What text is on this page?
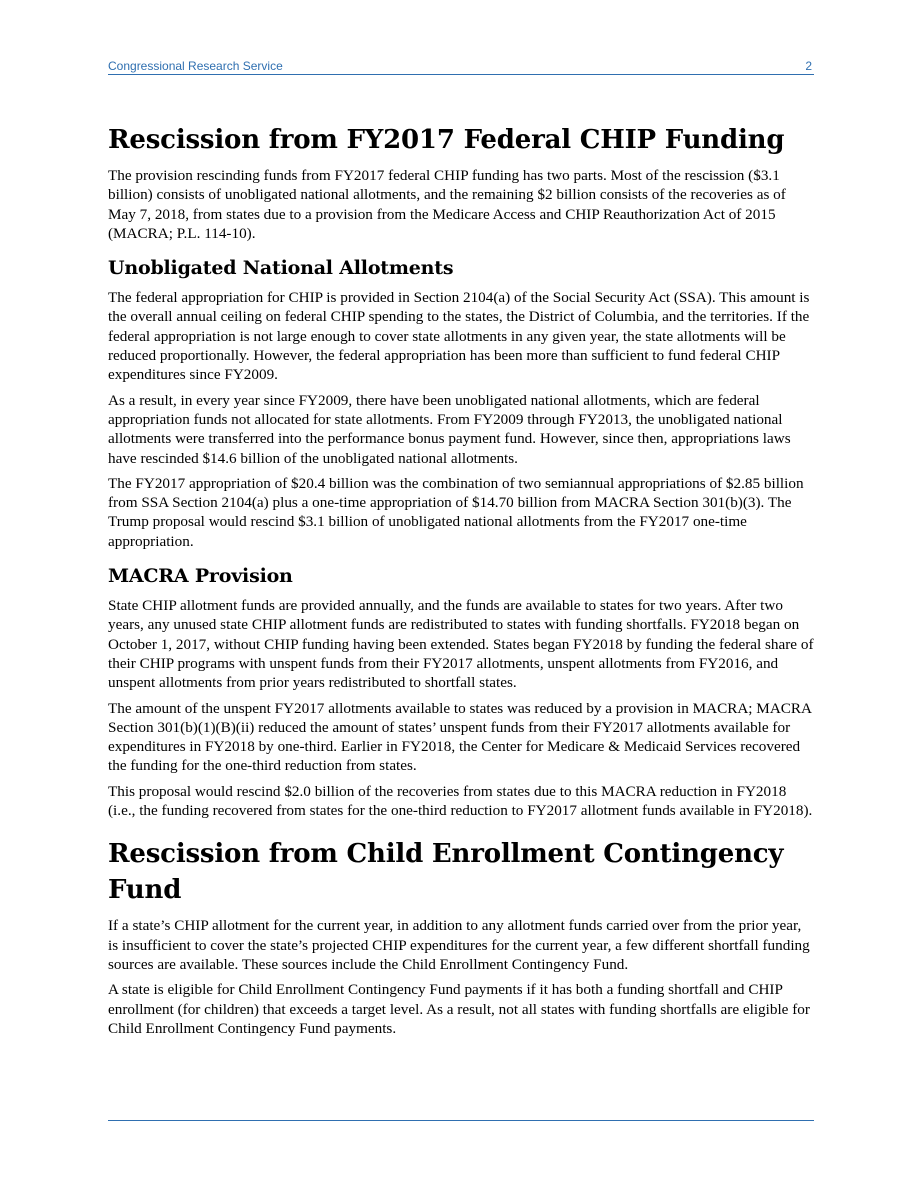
Congressional Research Service	2
Rescission from FY2017 Federal CHIP Funding

The provision rescinding funds from FY2017 federal CHIP funding has two parts. Most of the rescission ($3.1 billion) consists of unobligated national allotments, and the remaining $2 billion consists of the recoveries as of May 7, 2018, from states due to a provision from the Medicare Access and CHIP Reauthorization Act of 2015 (MACRA; P.L. 114-10).

Unobligated National Allotments

The federal appropriation for CHIP is provided in Section 2104(a) of the Social Security Act (SSA). This amount is the overall annual ceiling on federal CHIP spending to the states, the District of Columbia, and the territories. If the federal appropriation is not large enough to cover state allotments in any given year, the state allotments will be reduced proportionally. However, the federal appropriation has been more than sufficient to fund federal CHIP expenditures since FY2009.

As a result, in every year since FY2009, there have been unobligated national allotments, which are federal appropriation funds not allocated for state allotments. From FY2009 through FY2013, the unobligated national allotments were transferred into the performance bonus payment fund. However, since then, appropriations laws have rescinded $14.6 billion of the unobligated national allotments.

The FY2017 appropriation of $20.4 billion was the combination of two semiannual appropriations of $2.85 billion from SSA Section 2104(a) plus a one-time appropriation of $14.70 billion from MACRA Section 301(b)(3). The Trump proposal would rescind $3.1 billion of unobligated national allotments from the FY2017 one-time appropriation.

MACRA Provision

State CHIP allotment funds are provided annually, and the funds are available to states for two years. After two years, any unused state CHIP allotment funds are redistributed to states with funding shortfalls. FY2018 began on October 1, 2017, without CHIP funding having been extended. States began FY2018 by funding the federal share of their CHIP programs with unspent funds from their FY2017 allotments, unspent allotments from FY2016, and unspent allotments from prior years redistributed to shortfall states.

The amount of the unspent FY2017 allotments available to states was reduced by a provision in MACRA; MACRA Section 301(b)(1)(B)(ii) reduced the amount of states’ unspent funds from their FY2017 allotments available for expenditures in FY2018 by one-third. Earlier in FY2018, the Center for Medicare & Medicaid Services recovered the funding for the one-third reduction from states.

This proposal would rescind $2.0 billion of the recoveries from states due to this MACRA reduction in FY2018 (i.e., the funding recovered from states for the one-third reduction to FY2017 allotment funds available in FY2018).

Rescission from Child Enrollment Contingency Fund

If a state’s CHIP allotment for the current year, in addition to any allotment funds carried over from the prior year, is insufficient to cover the state’s projected CHIP expenditures for the current year, a few different shortfall funding sources are available. These sources include the Child Enrollment Contingency Fund.

A state is eligible for Child Enrollment Contingency Fund payments if it has both a funding shortfall and CHIP enrollment (for children) that exceeds a target level. As a result, not all states with funding shortfalls are eligible for Child Enrollment Contingency Fund payments.
